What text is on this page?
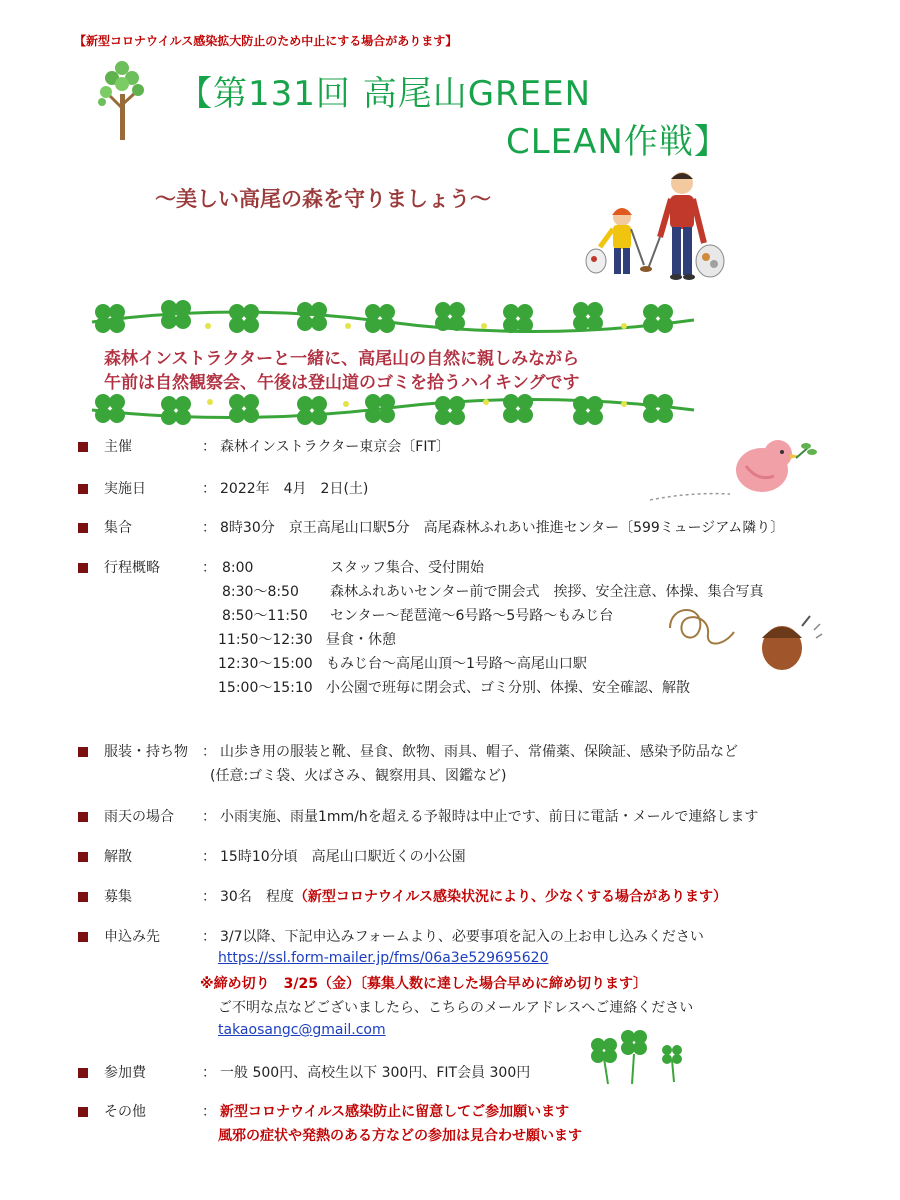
【新型コロナウイルス感染拡大防止のため中止にする場合があります】
【第131回 高尾山GREEN
CLEAN作戦】
～美しい高尾の森を守りましょう～
森林インストラクターと一緒に、高尾山の自然に親しみながら
午前は自然観察会、午後は登山道のゴミを拾うハイキングです
主催	： 森林インストラクター東京会〔FIT〕
実施日	： 2022年　4月　2日(土)
集合	： 8時30分　京王高尾山口駅5分　高尾森林ふれあい推進センター〔599ミュージアム隣り〕
行程概略	： 8:00	スタッフ集合、受付開始
8:30～8:50 森林ふれあいセンター前で開会式　挨拶、安全注意、体操、集合写真
8:50～11:50 センター～琵琶滝～6号路～5号路～もみじ台
11:50～12:30 昼食・休憩
12:30～15:00 もみじ台～高尾山頂～1号路～高尾山口駅
15:00～15:10 小公園で班毎に閉会式、ゴミ分別、体操、安全確認、解散
服装・持ち物 ： 山歩き用の服装と靴、昼食、飲物、雨具、帽子、常備薬、保険証、感染予防品など
(任意:ゴミ袋、火ばさみ、観察用具、図鑑など)
雨天の場合 ： 小雨実施、雨量1mm/hを超える予報時は中止です、前日に電話・メールで連絡します
解散	： 15時10分頃　高尾山口駅近くの小公園
募集	： 30名　程度（新型コロナウイルス感染状況により、少なくする場合があります）
申込み先	： 3/7以降、下記申込みフォームより、必要事項を記入の上お申し込みください
https://ssl.form-mailer.jp/fms/06a3e529695620
※締め切り　3/25（金）〔募集人数に達した場合早めに締め切ります〕
ご不明な点などございましたら、こちらのメールアドレスへご連絡ください
takaosangc@gmail.com
参加費	： 一般 500円、高校生以下 300円、FIT会員 300円
その他	： 新型コロナウイルス感染防止に留意してご参加願います
風邪の症状や発熱のある方などの参加は見合わせ願います
